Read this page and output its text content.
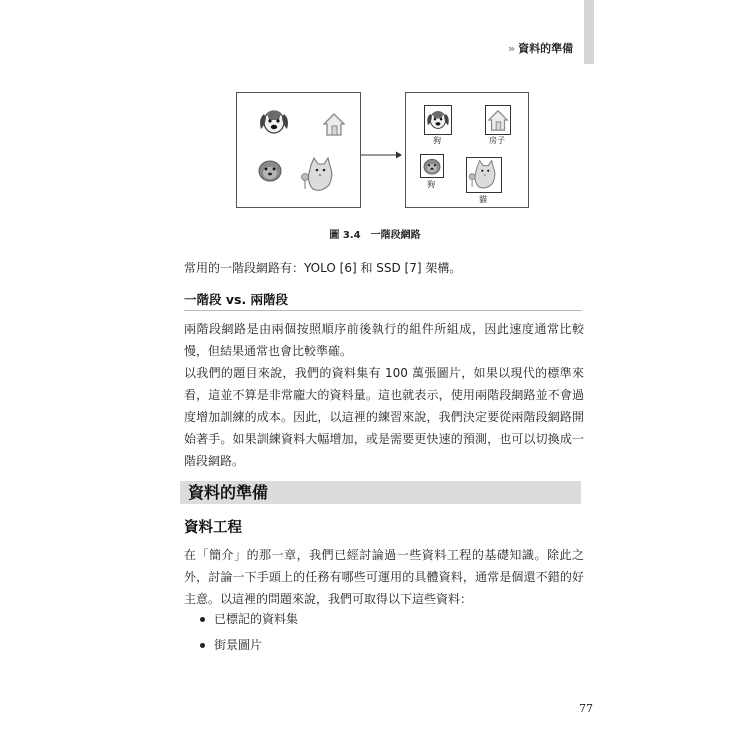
» 資料的準備
狗	房子
狗
貓
圖 3.4 一階段網路

常用的一階段網路有：YOLO [6] 和 SSD [7] 架構。

一階段 vs. 兩階段

兩階段網路是由兩個按照順序前後執行的組件所組成，因此速度通常比較慢，但結果通常也會比較準確。

以我們的題目來說，我們的資料集有 100 萬張圖片，如果以現代的標準來看，這並不算是非常龐大的資料量。這也就表示，使用兩階段網路並不會過度增加訓練的成本。因此，以這裡的練習來說，我們決定要從兩階段網路開始著手。如果訓練資料大幅增加，或是需要更快速的預測，也可以切換成一階段網路。

資料的準備
資料工程

在「簡介」的那一章，我們已經討論過一些資料工程的基礎知識。除此之外，討論一下手頭上的任務有哪些可運用的具體資料，通常是個還不錯的好主意。以這裡的問題來說，我們可取得以下這些資料：

已標記的資料集
街景圖片
77
